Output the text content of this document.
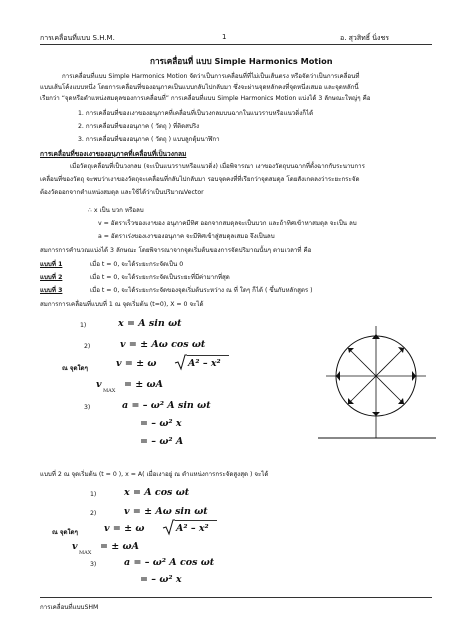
การเคลื่อนที่แบบ S.H.M.	1	อ. สุวสิทธิ์ นิ่งชร
การเคลื่อนที่ แบบ Simple Harmonics Motion
การเคลื่อนที่แบบ Simple Harmonics Motion จัดว่าเป็นการเคลื่อนที่ที่ไม่เป็นเส้นตรง หรือจัดว่าเป็นการเคลื่อนที่
แบบเส้นโค้งแบบหนึ่ง โดยการเคลื่อนที่ของอนุภาคเป็นแบบกลับไปกลับมา ซึ่งจะผ่านจุดหลักคงที่จุดหนึ่งเสมอ และจุดหลักนี้
เรียกว่า “จุดหรือตำแหน่งสมดุลของการเคลื่อนที่” การเคลื่อนที่แบบ Simple Harmonics Motion แบ่งได้ 3 ลักษณะใหญ่ๆ คือ
1. การเคลื่อนที่ของเงาของอนุภาคที่เคลื่อนที่เป็นวงกลมบนฉากในแนวราบหรือแนวดิ่งก็ได้
2. การเคลื่อนที่ของอนุภาค ( วัตถุ ) ที่ติดสปริง
3. การเคลื่อนที่ของอนุภาค ( วัตถุ ) แบบลูกตุ้มนาฬิกา
การเคลื่อนที่ของเงาของอนุภาคที่เคลื่อนที่เป็นวงกลม
เมื่อวัตถุเคลื่อนที่เป็นวงกลม (จะเป็นแนวราบหรือแนวดิ่ง) เมื่อพิจารณา เงาของวัตถุบนฉากที่ตั้งฉากกับระนาบการ
เคลื่อนที่ของวัตถุ จะพบว่าเงาของวัตถุจะเคลื่อนที่กลับไปกลับมา รอบจุดคงที่ที่เรียกว่าจุดสมดุล โดยสังเกตลงว่าระยะกระจัด
ต้องวัดออกจากตำแหน่งสมดุล และใช้ได้ว่าเป็นปริมาณVector
∴ x เป็น บวก หรือลบ
v = อัตราเร็วของเงาของ อนุภาคมีทิศ ออกจากสมดุลจะเป็นบวก และถ้าทิศเข้าหาสมดุล จะเป็น ลบ
a = อัตราเร่งของเงาของอนุภาค จะมีทิศเข้าสู่สมดุลเสมอ จึงเป็นลบ
สมการการคำนวณแบ่งได้ 3 ลักษณะ โดยพิจารณาจากจุดเริ่มต้นของการจัดปริมาณนั้นๆ ตามเวลาที่ คือ
แบบที่ 1	เมื่อ t = 0, จะได้ระยะกระจัดเป็น 0
แบบที่ 2	เมื่อ t = 0, จะได้ระยะกระจัดเป็นระยะที่มีค่ามากที่สุด
แบบที่ 3	เมื่อ t = 0, จะได้ระยะกระจัดของจุดเริ่มต้นระหว่าง ณ ที่ ใดๆ ก็ได้ ( ขึ้นกับหลักสูตร )
สมการการเคลื่อนที่แบบที่ 1 ณ จุดเริ่มต้น (t=0), X = 0 จะได้
1)	x = A sin ωt
2)	v = ± Aω cos ωt
ณ จุดใดๆ	v = ± ω	A² – x²
v
MAX
= ± ωA
3)	a = – ω² A sin ωt
= – ω² x
= – ω² A
แบบที่ 2 ณ จุดเริ่มต้น (t = 0 ), x = A( เมื่อเงาอยู่ ณ ตำแหน่งการกระจัดสูงสุด ) จะได้
1)	x = A cos ωt
2)	v = ± Aω sin ωt
ณ จุดใดๆ	v = ± ω	A² – x²
v
MAX
= ± ωA
3)	a = – ω² A cos ωt
= – ω² x
การเคลื่อนที่แบบSHM
